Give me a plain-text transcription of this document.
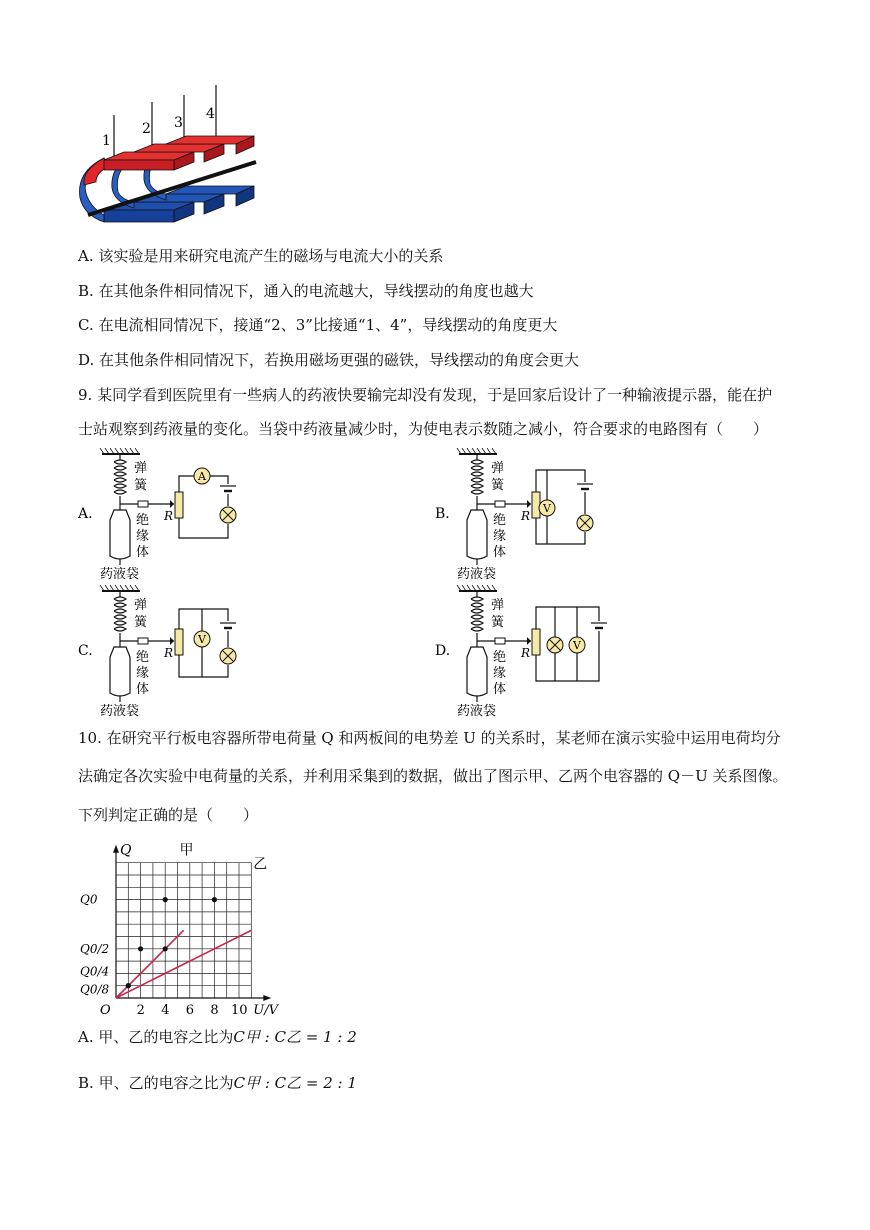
1
2 3
4
A. 该实验是用来研究电流产生的磁场与电流大小的关系
B. 在其他条件相同情况下，通入的电流越大，导线摆动的角度也越大
C. 在电流相同情况下，接通“2、3”比接通“1、4”，导线摆动的角度更大
D. 在其他条件相同情况下，若换用磁场更强的磁铁，导线摆动的角度会更大
9. 某同学看到医院里有一些病人的药液快要输完却没有发现，于是回家后设计了一种输液提示器，能在护
士站观察到药液量的变化。当袋中药液量减少时，为使电表示数随之减小，符合要求的电路图有（　　）
A.
弹
簧
绝
缘
体
药液袋
R
A
B.
弹
簧
绝
缘
体
药液袋
R
V
C.
弹
簧
绝
缘
体
药液袋
R
V
D.
弹
簧
绝
缘
体
药液袋
R
V
10. 在研究平行板电容器所带电荷量 Q 和两板间的电势差 U 的关系时，某老师在演示实验中运用电荷均分
法确定各次实验中电荷量的关系，并利用采集到的数据，做出了图示甲、乙两个电容器的 Q－U 关系图像。
下列判定正确的是（　　）
Q
U/V
O 2 4 6 8 10
Q0/8
Q0/4
Q0/2
Q0
甲
乙
A. 甲、乙的电容之比为C甲 : C乙 = 1 : 2
B. 甲、乙的电容之比为C甲 : C乙 = 2 : 1
